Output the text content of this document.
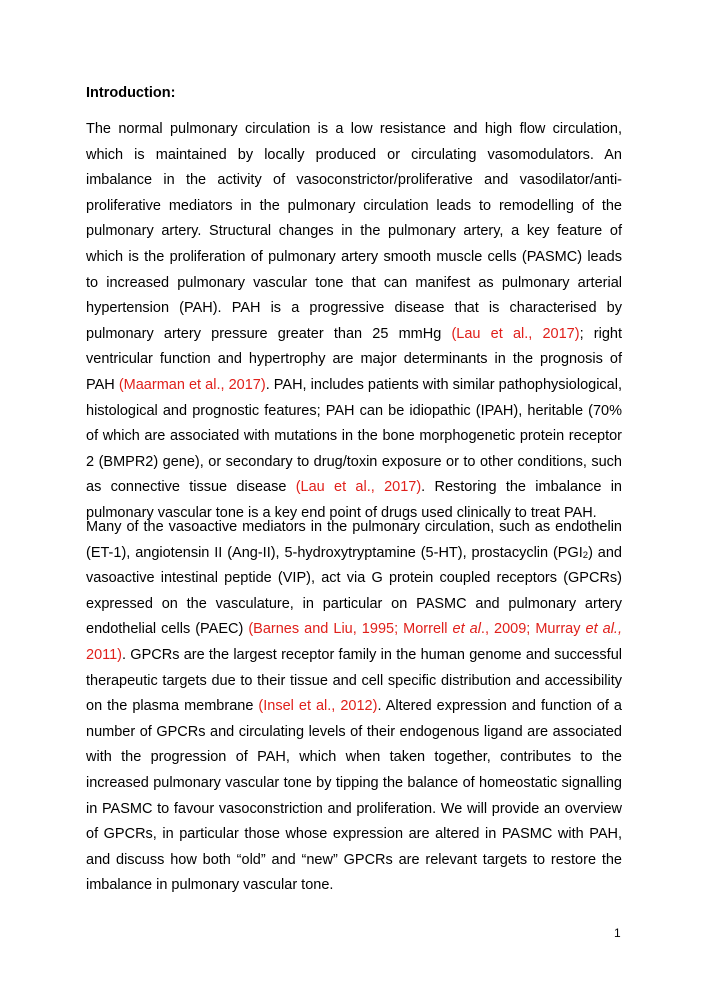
Introduction:

The normal pulmonary circulation is a low resistance and high flow circulation, which is maintained by locally produced or circulating vasomodulators. An imbalance in the activity of vasoconstrictor/proliferative and vasodilator/anti-proliferative mediators in the pulmonary circulation leads to remodelling of the pulmonary artery. Structural changes in the pulmonary artery, a key feature of which is the proliferation of pulmonary artery smooth muscle cells (PASMC) leads to increased pulmonary vascular tone that can manifest as pulmonary arterial hypertension (PAH). PAH is a progressive disease that is characterised by pulmonary artery pressure greater than 25 mmHg (Lau et al., 2017); right ventricular function and hypertrophy are major determinants in the prognosis of PAH (Maarman et al., 2017). PAH, includes patients with similar pathophysiological, histological and prognostic features; PAH can be idiopathic (IPAH), heritable (70% of which are associated with mutations in the bone morphogenetic protein receptor 2 (BMPR2) gene), or secondary to drug/toxin exposure or to other conditions, such as connective tissue disease (Lau et al., 2017). Restoring the imbalance in pulmonary vascular tone is a key end point of drugs used clinically to treat PAH.

Many of the vasoactive mediators in the pulmonary circulation, such as endothelin (ET-1), angiotensin II (Ang-II), 5-hydroxytryptamine (5-HT), prostacyclin $(PGI_2)$ and vasoactive intestinal peptide (VIP), act via G protein coupled receptors (GPCRs) expressed on the vasculature, in particular on PASMC and pulmonary artery endothelial cells (PAEC) (Barnes and Liu, 1995; Morrell et al., 2009; Murray et al., 2011). GPCRs are the largest receptor family in the human genome and successful therapeutic targets due to their tissue and cell specific distribution and accessibility on the plasma membrane (Insel et al., 2012). Altered expression and function of a number of GPCRs and circulating levels of their endogenous ligand are associated with the progression of PAH, which when taken together, contributes to the increased pulmonary vascular tone by tipping the balance of homeostatic signalling in PASMC to favour vasoconstriction and proliferation. We will provide an overview of GPCRs, in particular those whose expression are altered in PASMC with PAH, and discuss how both “old” and “new” GPCRs are relevant targets to restore the imbalance in pulmonary vascular tone.

1
